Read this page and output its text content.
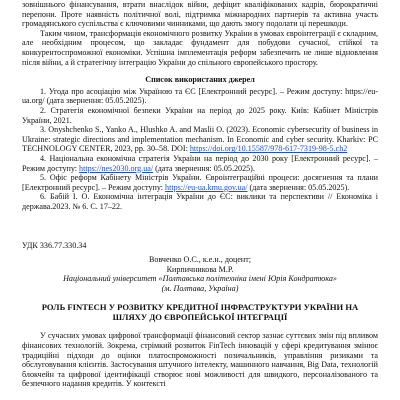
зовнішнього фінансування, втрати внаслідок війни, дефіцит кваліфікованих кадрів, бюрократичні перепони. Проте наявність політичної волі, підтримка міжнародних партнерів та активна участь громадянського суспільства є ключовими чинниками, що дають змогу подолати ці перешкоди.

Таким чином, трансформація економічного розвитку України в умовах євроінтеграції є складним, але необхідним процесом, що закладає фундамент для побудови сучасної, стійкої та конкурентоспроможної економіки. Успішна імплементація реформ забезпечить не лише відновлення після війни, а й стратегічну інтеграцію України до спільного європейського простору.

Список використаних джерел

1. Угода про асоціацію між Україною та ЄС [Електронний ресурс]. – Режим доступу: https://eu-ua.org/ (дата звернення: 05.05.2025).
2. Стратегія економічної безпеки України на період до 2025 року. Київ: Кабінет Міністрів України, 2021.
3. Onyshchenko S., Yanko A., Hlushko A. and Maslii O. (2023). Economic cybersecurity of business in Ukraine: strategic directions and implementation mechanism. In Economic and cyber security. Kharkiv: PC TECHNOLOGY CENTER, 2023, pp. 30–58. DOI: https://doi.org/10.15587/978-617-7319-98-5.ch2
4. Національна економічна стратегія України на період до 2030 року [Електронний ресурс]. – Режим доступу: https://nes2030.org.ua/ (дата звернення: 05.05.2025).
5. Офіс реформ Кабінету Міністрів України. Євроінтеграційні процеси: досягнення та плани [Електронний ресурс]. – Режим доступу: https://eu-ua.kmu.gov.ua/ (дата звернення: 05.05.2025).
6. Бабій І. О. Економічна інтеграція України до ЄС: виклики та перспективи // Економіка і держава.2023. № 6. С. 17–22.

УДК 336.77.330.34

Вовченко О.С., к.е.н., доцент;

Кирпичникова М.Р.

Національний університет «Полтавська політехніка імені Юрія Кондратюка»

(м. Полтава, Україна)

РОЛЬ FINTECH У РОЗВИТКУ КРЕДИТНОЇ ІНФРАСТРУКТУРИ УКРАЇНИ НА ШЛЯХУ ДО ЄВРОПЕЙСЬКОЇ ІНТЕГРАЦІЇ

У сучасних умовах цифрової трансформації фінансовий сектор зазнає суттєвих змін під впливом фінансових технологій. Зокрема, стрімкий розвиток FinTech інновацій у сфері кредитування змінює традиційні підходи до оцінки платоспроможності позичальників, управління ризиками та обслуговування клієнтів. Застосування штучного інтелекту, машинного навчання, Big Data, технологій блокчейн та цифрової ідентифікації створює нові можливості для швидкого, персоналізованого та безпечного надання кредитів. У контексті
